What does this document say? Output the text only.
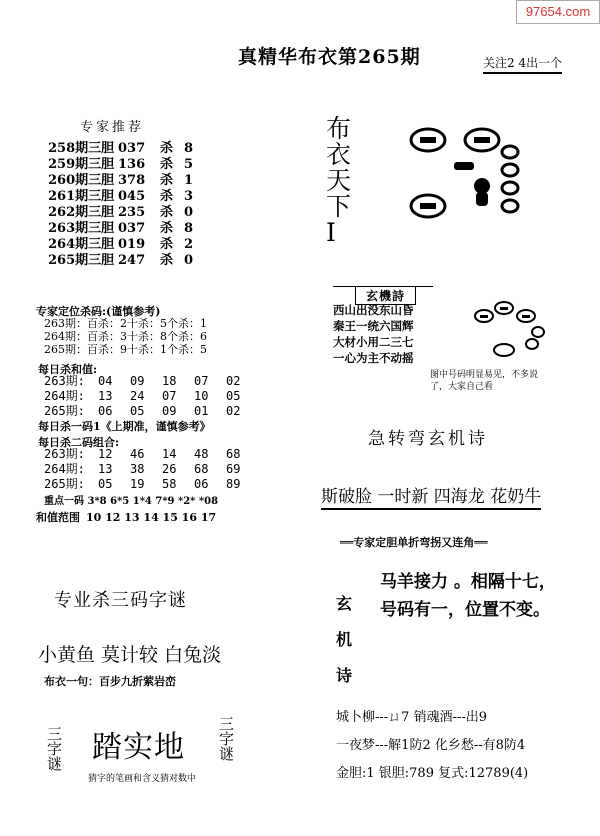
97654.com
真精华布衣第265期	关注2 4出一个
专家推荐
258期三胆 037 杀 8
259期三胆 136 杀 5
260期三胆 378 杀 1
261期三胆 045 杀 3
262期三胆 235 杀 0
263期三胆 037 杀 8
264期三胆 019 杀 2
265期三胆 247 杀 0
专家定位杀码:(谨慎参考)
263期：百杀：2十杀：5个杀：1
264期：百杀：3十杀：8个杀：6
265期：百杀：9十杀：1个杀：5
每日杀和值:
263期: 04 09 18 07 02
264期: 13 24 07 10 05
265期: 06 05 09 01 02
每日杀一码1《上期准，谨慎参考》
每日杀二码组合:
263期: 12 46 14 48 68
264期: 13 38 26 68 69
265期: 05 19 58 06 89
重点一码 3*8 6*5 1*4 7*9 *2* *08
和值范围 10 12 13 14 15 16 17
专业杀三码字谜
小黄鱼 莫计较 白兔淡
布衣一句：百步九折萦岩峦
三字谜 踏实地
猜字的笔画和含义猜对数中
三字谜
布衣天下I
玄機詩
西山出没东山昏
秦王一统六国辉
大材小用二三七
一心为主不动摇
图中号码明显易见，不多说了，大家自己看
急转弯玄机诗
斯破脸 一时新 四海龙 花奶牛
══专家定胆单折弯拐又连角══
玄机诗
马羊接力 。相隔十七，
号码有一，位置不变。
城卜柳---ㄩ7 销魂酒---出9
一夜梦---解1防2 化乡愁--有8防4
金胆:1 银胆:789 复式:12789(4)
